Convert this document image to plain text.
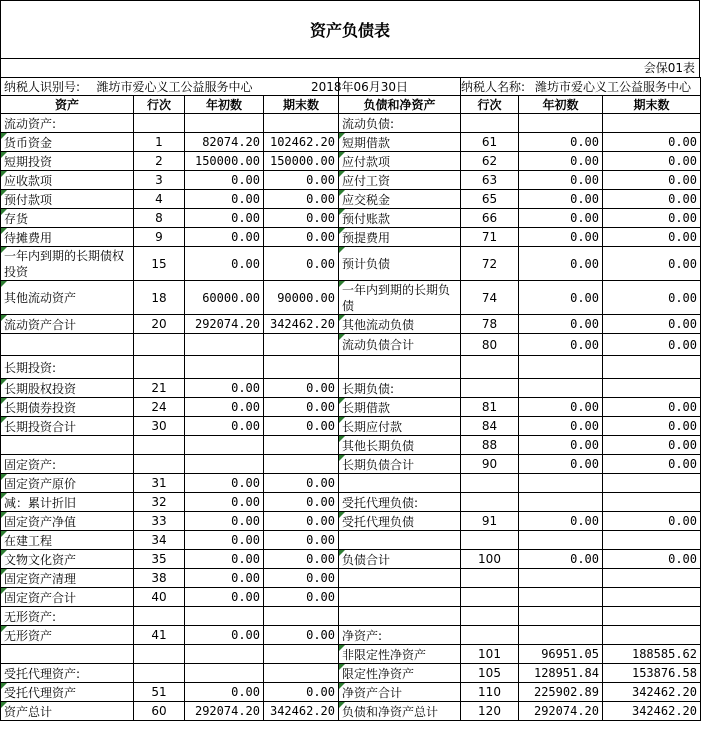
资产负债表
会保01表
纳税人识别号:	潍坊市爱心义工公益服务中心			2018年06月30日	纳税人名称: 潍坊市爱心义工公益服务中心		
资产	行次	年初数	期末数	负债和净资产	行次	年初数	期末数
流动资产:				流动负债:			
货币资金	1	82074.20	102462.20	短期借款	61	0.00	0.00
短期投资	2	150000.00	150000.00	应付款项	62	0.00	0.00
应收款项	3	0.00	0.00	应付工资	63	0.00	0.00
预付款项	4	0.00	0.00	应交税金	65	0.00	0.00
存货	8	0.00	0.00	预付账款	66	0.00	0.00
待摊费用	9	0.00	0.00	预提费用	71	0.00	0.00
一年内到期的长期债权投资	15	0.00	0.00	预计负债	72	0.00	0.00
其他流动资产	18	60000.00	90000.00	一年内到期的长期负债	74	0.00	0.00
流动资产合计	20	292074.20	342462.20	其他流动负债	78	0.00	0.00
				流动负债合计	80	0.00	0.00
长期投资:							
长期股权投资	21	0.00	0.00	长期负债:			
长期债券投资	24	0.00	0.00	长期借款	81	0.00	0.00
长期投资合计	30	0.00	0.00	长期应付款	84	0.00	0.00
				其他长期负债	88	0.00	0.00
固定资产:				长期负债合计	90	0.00	0.00
固定资产原价	31	0.00	0.00				
减：累计折旧	32	0.00	0.00	受托代理负债:			
固定资产净值	33	0.00	0.00	受托代理负债	91	0.00	0.00
在建工程	34	0.00	0.00				
文物文化资产	35	0.00	0.00	负债合计	100	0.00	0.00
固定资产清理	38	0.00	0.00				
固定资产合计	40	0.00	0.00				
无形资产:							
无形资产	41	0.00	0.00	净资产:			
				非限定性净资产	101	96951.05	188585.62
受托代理资产:				限定性净资产	105	128951.84	153876.58
受托代理资产	51	0.00	0.00	净资产合计	110	225902.89	342462.20
资产总计	60	292074.20	342462.20	负债和净资产总计	120	292074.20	342462.20
